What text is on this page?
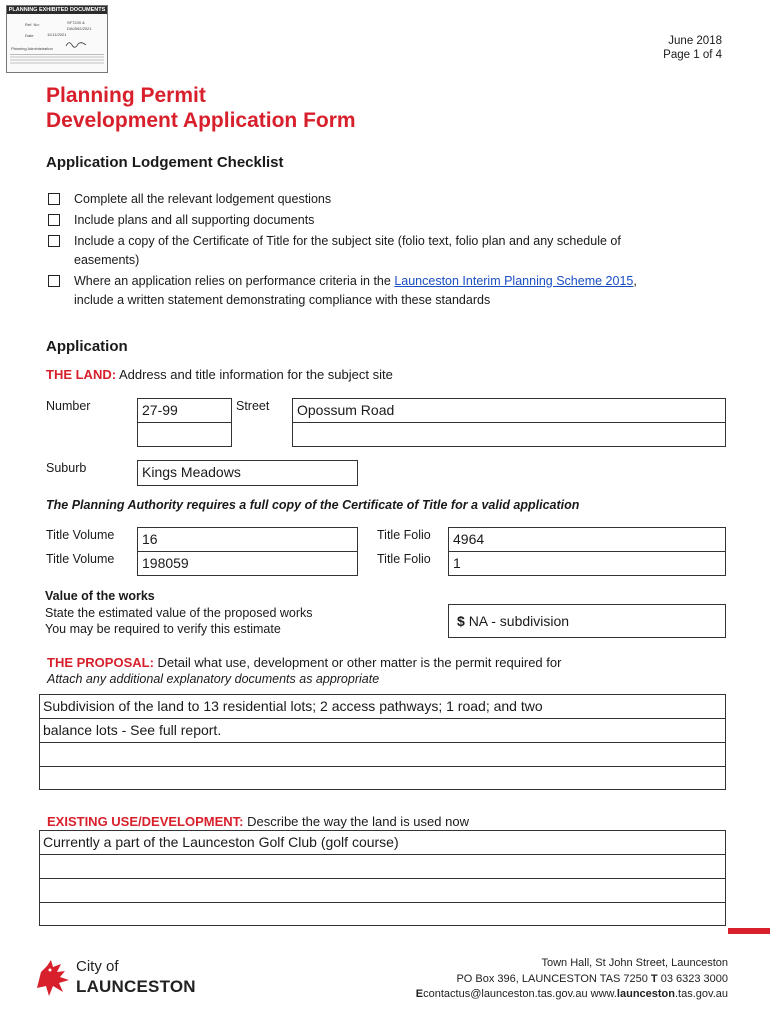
PLANNING EXHIBITED DOCUMENTS
Ref. No:	SF7239 &
DA0592/2021
Date	11/11/2021
Planning Administration
June 2018
Page 1 of 4
Planning Permit
Development Application Form
Application Lodgement Checklist
Complete all the relevant lodgement questions
Include plans and all supporting documents
Include a copy of the Certificate of Title for the subject site (folio text, folio plan and any schedule of
easements)
Where an application relies on performance criteria in the Launceston Interim Planning Scheme 2015,
include a written statement demonstrating compliance with these standards
Application
THE LAND: Address and title information for the subject site
Number	27-99	Street	Opossum Road
Suburb	Kings Meadows
The Planning Authority requires a full copy of the Certificate of Title for a valid application
Title Volume	16	Title Folio	4964
Title Volume	198059	Title Folio	1
Value of the works
State the estimated value of the proposed works
You may be required to verify this estimate	$ NA - subdivision
THE PROPOSAL: Detail what use, development or other matter is the permit required for
Attach any additional explanatory documents as appropriate
Subdivision of the land to 13 residential lots; 2 access pathways; 1 road; and two
balance lots - See full report.
EXISTING USE/DEVELOPMENT: Describe the way the land is used now
Currently a part of the Launceston Golf Club (golf course)
City of
LAUNCESTON
Town Hall, St John Street, Launceston
PO Box 396, LAUNCESTON TAS 7250 T 03 6323 3000
Econtactus@launceston.tas.gov.au www.launceston.tas.gov.au
